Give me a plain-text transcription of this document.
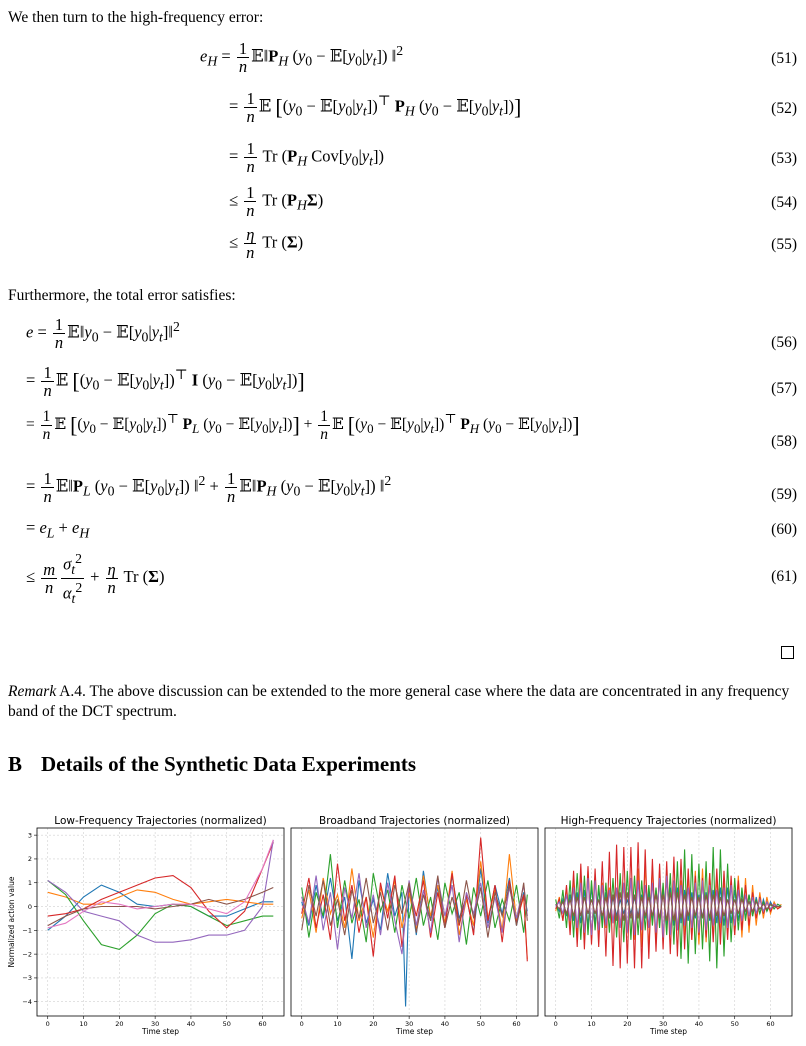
We then turn to the high-frequency error:
$e_H = \frac{1}{n}$ $𝔼‖P_H$ ($y_0$ − $𝔼[y_0|y_t]$) ‖$^2$	(51)
= $\frac{1}{n}$ 𝔼 [($y_0$ − $𝔼[y_0|y_t])^⊤$ $P_H$ ($y_0$ − $𝔼[y_0|y_t]$)]	(52)
= $\frac{1}{n}$ Tr ($P_H$ $Cov[y_0|y_t]$)	(53)
≤ $\frac{1}{n}$ Tr $(P_H\Sigma)$	(54)
≤ $\frac{\eta}{n}$ Tr (Σ)	(55)
Furthermore, the total error satisfies:
$e = \frac{1}{n}$ $𝔼‖y_0$ − $𝔼[y_0|y_t]‖^2$
(56)
= $\frac{1}{n}$ 𝔼 [($y_0$ − $𝔼[y_0|y_t])^⊤$ I ($y_0$ − $𝔼[y_0|y_t]$)]	(57)
= $\frac{1}{n}$ 𝔼 [($y_0$ − $𝔼[y_0|y_t])^⊤$ $P_L$ ($y_0$ − $𝔼[y_0|y_t])] + \frac{1}{n}$ 𝔼 [($y_0$ − $𝔼[y_0|y_t])^⊤$ $P_H$ ($y_0$ − $𝔼[y_0|y_t]$)]
(58)
= $\frac{1}{n}$ $𝔼‖P_L$ ($y_0$ − $𝔼[y_0|y_t]$) ‖$^2$ + $\frac{1}{n}$ $𝔼‖P_H$ ($y_0$ − $𝔼[y_0|y_t]$) ‖$^2$
(59)
= $e_L + e_H$	(60)
≤ $\frac{m}{n} \frac{\sigma_t^2}{\alpha_t^2} + \frac{\eta}{n}$ Tr (Σ)	(61)
Remark A.4. The above discussion can be extended to the more general case where the data are concentrated in any frequency band of the DCT spectrum.
B Details of the Synthetic Data Experiments
0	10	20	30	40	50	60
−4
−3
−2
−1
0
1
2
3
Low-Frequency Trajectories (normalized)
Time step
Normalized action value
0	10	20	30	40	50	60
Broadband Trajectories (normalized)
Time step
0	10	20	30	40	50	60
High-Frequency Trajectories (normalized)
Time step
